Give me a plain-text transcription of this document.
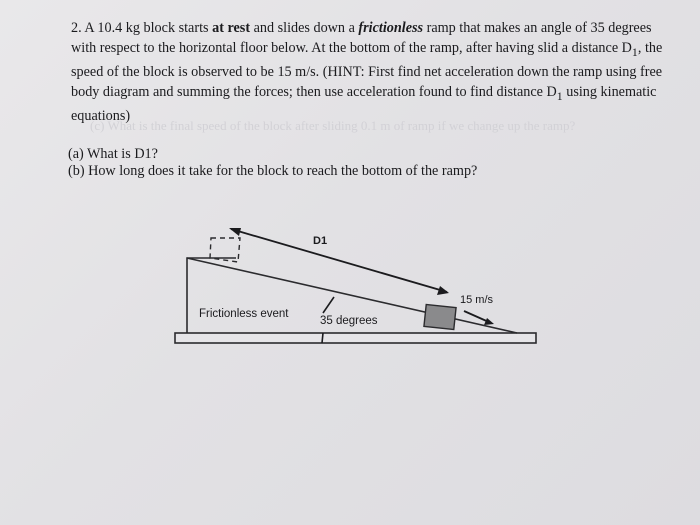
2. A 10.4 kg block starts at rest and slides down a frictionless ramp that makes an angle of 35 degrees with respect to the horizontal floor below. At the bottom of the ramp, after having slid a distance $D_1$, the speed of the block is observed to be 15 m/s. (HINT: First find net acceleration down the ramp using free body diagram and summing the forces; then use acceleration found to find distance $D_1$ using kinematic equations)

(c) What is the final speed of the block after sliding 0.1 m of ramp if we change up the ramp?
(a) What is D1?
(b) How long does it take for the block to reach the bottom of the ramp?
D1
15 m/s
Frictionless event
35 degrees
